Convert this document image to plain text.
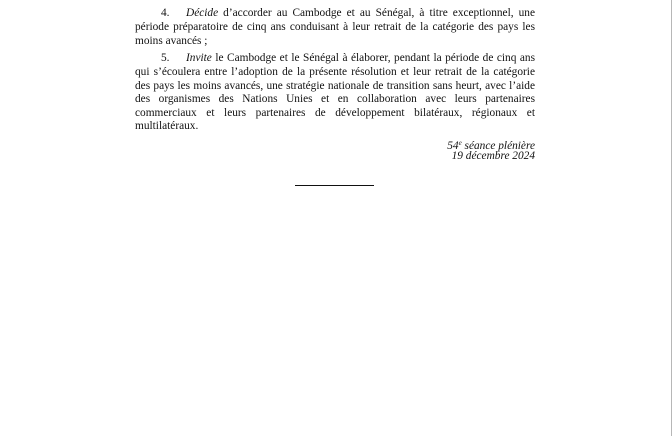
4. Décide d’accorder au Cambodge et au Sénégal, à titre exceptionnel, une période préparatoire de cinq ans conduisant à leur retrait de la catégorie des pays les moins avancés ;

5. Invite le Cambodge et le Sénégal à élaborer, pendant la période de cinq ans qui s’écoulera entre l’adoption de la présente résolution et leur retrait de la catégorie des pays les moins avancés, une stratégie nationale de transition sans heurt, avec l’aide des organismes des Nations Unies et en collaboration avec leurs partenaires commerciaux et leurs partenaires de développement bilatéraux, régionaux et multilatéraux.

54e séance plénière
19 décembre 2024
